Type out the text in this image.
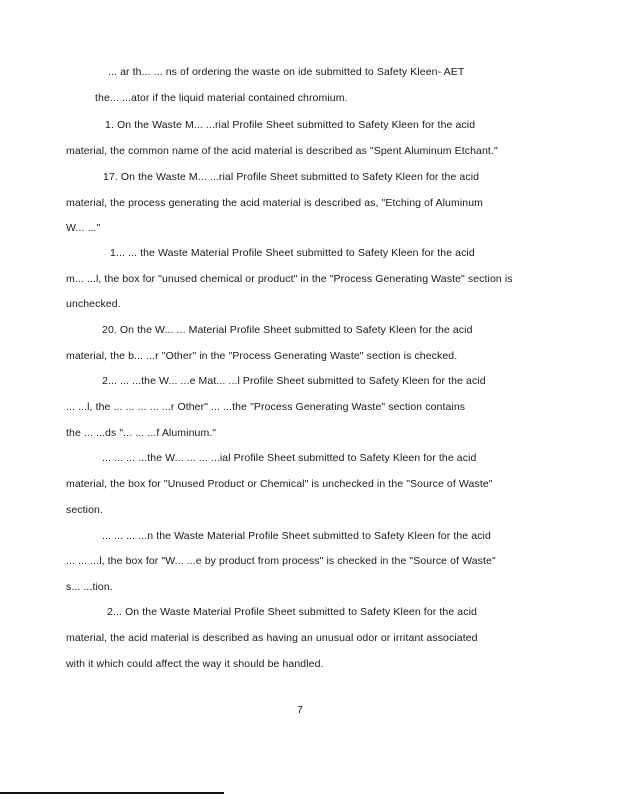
... ar th... ... ns of ordering the waste on ide submitted to Safety Kleen- AET
the... ...ator if the liquid material contained chromium.
1. On the Waste M... ...rial Profile Sheet submitted to Safety Kleen for the acid
material, the common name of the acid material is described as "Spent Aluminum Etchant."
17. On the Waste M... ...rial Profile Sheet submitted to Safety Kleen for the acid
material, the process generating the acid material is described as, "Etching of Aluminum
W... ..."
1... ... the Waste Material Profile Sheet submitted to Safety Kleen for the acid
m... ...l, the box for "unused chemical or product" in the "Process Generating Waste" section is
unchecked.
20. On the W... ... Material Profile Sheet submitted to Safety Kleen for the acid
material, the b... ...r "Other" in the "Process Generating Waste" section is checked.
2... ... ...the W... ...e Mat... ...l Profile Sheet submitted to Safety Kleen for the acid
... ...l, the ... ... ... ... ...r Other" ... ...the "Process Generating Waste" section contains
the ... ...ds "... ... ...f Aluminum."
... ... ... ...the W... ... ... ...ial Profile Sheet submitted to Safety Kleen for the acid
material, the box for "Unused Product or Chemical" is unchecked in the "Source of Waste"
section.
... ... ... ...n the Waste Material Profile Sheet submitted to Safety Kleen for the acid
... ... ...l, the box for "W... ...e by product from process" is checked in the "Source of Waste"
s... ...tion.
2... On the Waste Material Profile Sheet submitted to Safety Kleen for the acid
material, the acid material is described as having an unusual odor or irritant associated
with it which could affect the way it should be handled.
7
